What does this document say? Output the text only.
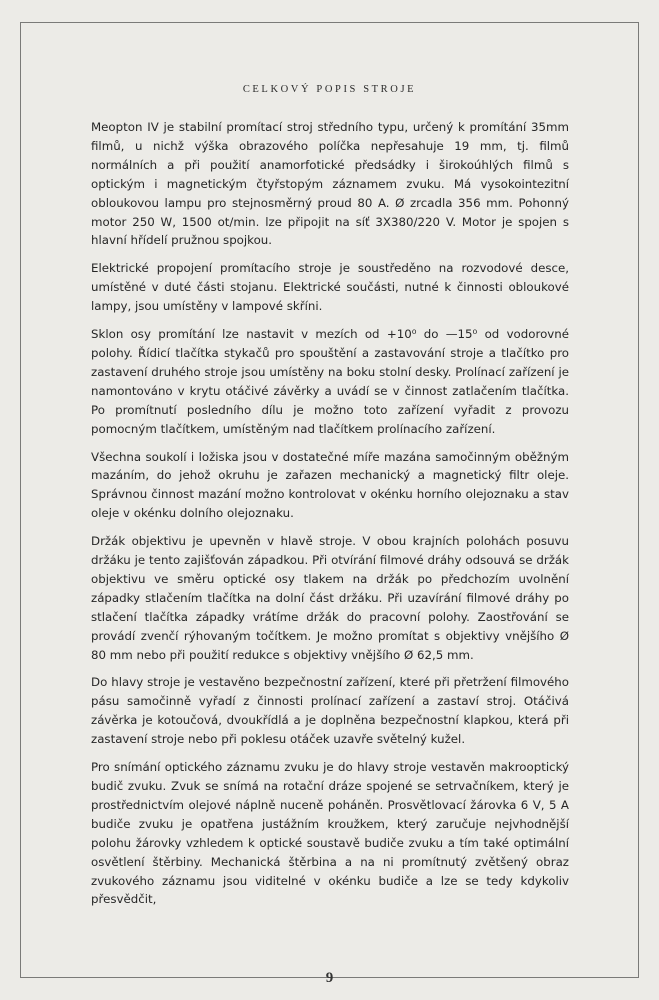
CELKOVÝ POPIS STROJE

Meopton IV je stabilní promítací stroj středního typu, určený k promítání 35mm filmů, u nichž výška obrazového políčka nepřesahuje 19 mm, tj. filmů normálních a při použití anamorfotické předsádky i širokoúhlých filmů s optickým i magnetickým čtyřstopým záznamem zvuku. Má vysokointezitní obloukovou lampu pro stejnosměrný proud 80 A. Ø zrcadla 356 mm. Pohonný motor 250 W, 1500 ot/min. lze připojit na síť 3X380/220 V. Motor je spojen s hlavní hřídelí pružnou spojkou.

Elektrické propojení promítacího stroje je soustředěno na rozvodové desce, umístěné v duté části stojanu. Elektrické součásti, nutné k činnosti obloukové lampy, jsou umístěny v lampové skříni.

Sklon osy promítání lze nastavit v mezích od +10⁰ do —15⁰ od vodorovné polohy. Řídicí tlačítka stykačů pro spouštění a zastavování stroje a tlačítko pro zastavení druhého stroje jsou umístěny na boku stolní desky. Prolínací zařízení je namontováno v krytu otáčivé závěrky a uvádí se v činnost zatlačením tlačítka. Po promítnutí posledního dílu je možno toto zařízení vyřadit z provozu pomocným tlačítkem, umístěným nad tlačítkem prolínacího zařízení.

Všechna soukolí i ložiska jsou v dostatečné míře mazána samočinným oběžným mazáním, do jehož okruhu je zařazen mechanický a magnetický filtr oleje. Správnou činnost mazání možno kontrolovat v okénku horního olejoznaku a stav oleje v okénku dolního olejoznaku.

Držák objektivu je upevněn v hlavě stroje. V obou krajních polohách posuvu držáku je tento zajišťován západkou. Při otvírání filmové dráhy odsouvá se držák objektivu ve směru optické osy tlakem na držák po předchozím uvolnění západky stlačením tlačítka na dolní část držáku. Při uzavírání filmové dráhy po stlačení tlačítka západky vrátíme držák do pracovní polohy. Zaostřování se provádí zvenčí rýhovaným točítkem. Je možno promítat s objektivy vnějšího Ø 80 mm nebo při použití redukce s objektivy vnějšího Ø 62,5 mm.

Do hlavy stroje je vestavěno bezpečnostní zařízení, které při přetržení filmového pásu samočinně vyřadí z činnosti prolínací zařízení a zastaví stroj. Otáčivá závěrka je kotoučová, dvoukřídlá a je doplněna bezpečnostní klapkou, která při zastavení stroje nebo při poklesu otáček uzavře světelný kužel.

Pro snímání optického záznamu zvuku je do hlavy stroje vestavěn makrooptický budič zvuku. Zvuk se snímá na rotační dráze spojené se setrvačníkem, který je prostřednictvím olejové náplně nuceně poháněn. Prosvětlovací žárovka 6 V, 5 A budiče zvuku je opatřena justážním kroužkem, který zaručuje nejvhodnější polohu žárovky vzhledem k optické soustavě budiče zvuku a tím také optimální osvětlení štěrbiny. Mechanická štěrbina a na ni promítnutý zvětšený obraz zvukového záznamu jsou viditelné v okénku budiče a lze se tedy kdykoliv přesvědčit,

9
